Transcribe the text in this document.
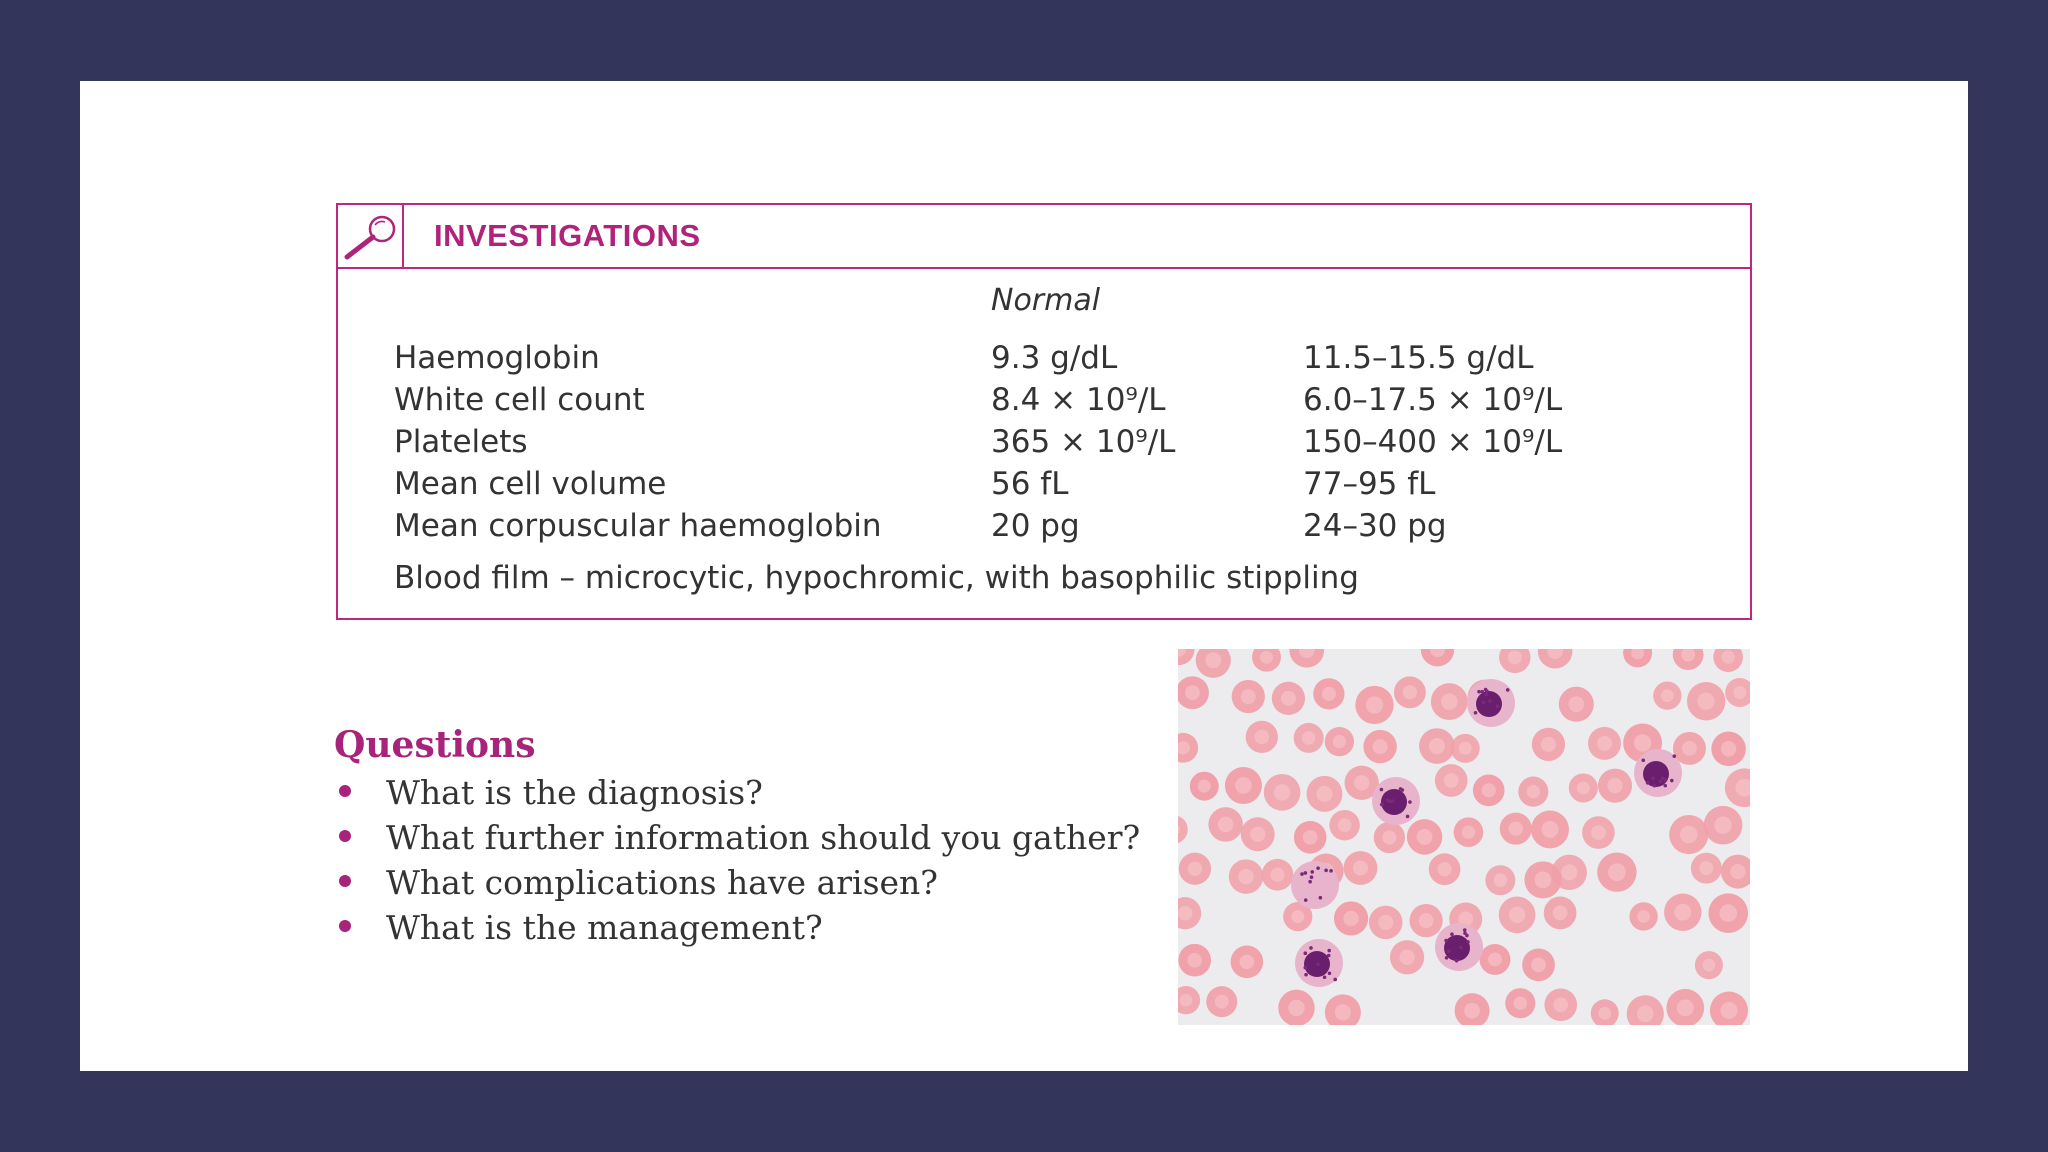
INVESTIGATIONS
Normal
Haemoglobin	9.3 g/dL	11.5–15.5 g/dL
White cell count	8.4 × 10⁹/L	6.0–17.5 × 10⁹/L
Platelets	365 × 10⁹/L	150–400 × 10⁹/L
Mean cell volume	56 fL	77–95 fL
Mean corpuscular haemoglobin	20 pg	24–30 pg
Blood film – microcytic, hypochromic, with basophilic stippling
Questions
What is the diagnosis?
What further information should you gather?
What complications have arisen?
What is the management?
